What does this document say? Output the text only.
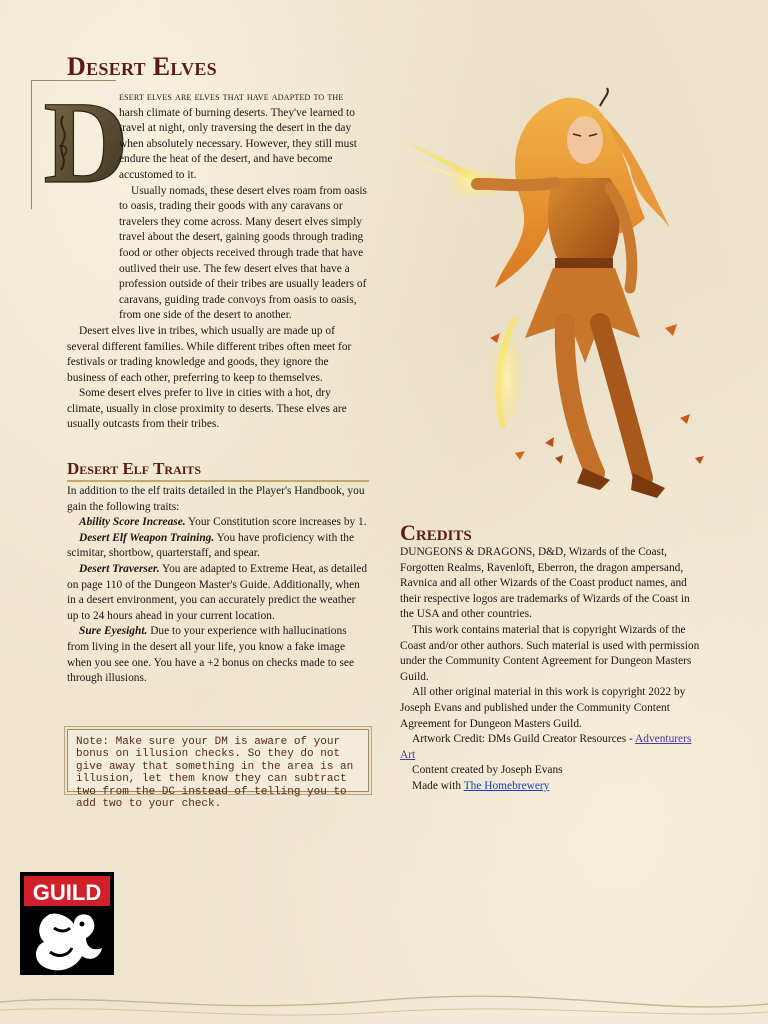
Desert Elves
D

esert elves are elves that have adapted to the
harsh climate of burning deserts. They've learned to travel at night, only traversing the desert in the day when absolutely necessary. However, they still must endure the heat of the desert, and have become accustomed to it.

Usually nomads, these desert elves roam from oasis to oasis, trading their goods with any caravans or travelers they come across. Many desert elves simply travel about the desert, gaining goods through trading food or other objects received through trade that have outlived their use. The few desert elves that have a profession outside of their tribes are usually leaders of caravans, guiding trade convoys from oasis to oasis, from one side of the desert to another.

Desert elves live in tribes, which usually are made up of several different families. While different tribes often meet for festivals or trading knowledge and goods, they ignore the business of each other, preferring to keep to themselves.

Some desert elves prefer to live in cities with a hot, dry climate, usually in close proximity to deserts. These elves are usually outcasts from their tribes.

Desert Elf Traits

In addition to the elf traits detailed in the Player's Handbook, you gain the following traits:

Ability Score Increase. Your Constitution score increases by 1.

Desert Elf Weapon Training. You have proficiency with the scimitar, shortbow, quarterstaff, and spear.

Desert Traverser. You are adapted to Extreme Heat, as detailed on page 110 of the Dungeon Master's Guide. Additionally, when in a desert environment, you can accurately predict the weather up to 24 hours ahead in your current location.

Sure Eyesight. Due to your experience with hallucinations from living in the desert all your life, you know a fake image when you see one. You have a +2 bonus on checks made to see through illusions.

Note: Make sure your DM is aware of your bonus on illusion checks. So they do not give away that something in the area is an illusion, let them know they can subtract two from the DC instead of telling you to add two to your check.
Credits

DUNGEONS & DRAGONS, D&D, Wizards of the Coast, Forgotten Realms, Ravenloft, Eberron, the dragon ampersand, Ravnica and all other Wizards of the Coast product names, and their respective logos are trademarks of Wizards of the Coast in the USA and other countries.

This work contains material that is copyright Wizards of the Coast and/or other authors. Such material is used with permission under the Community Content Agreement for Dungeon Masters Guild.

All other original material in this work is copyright 2022 by Joseph Evans and published under the Community Content Agreement for Dungeon Masters Guild.

Artwork Credit: DMs Guild Creator Resources - Adventurers Art

Content created by Joseph Evans

Made with The Homebrewery

GUILD
